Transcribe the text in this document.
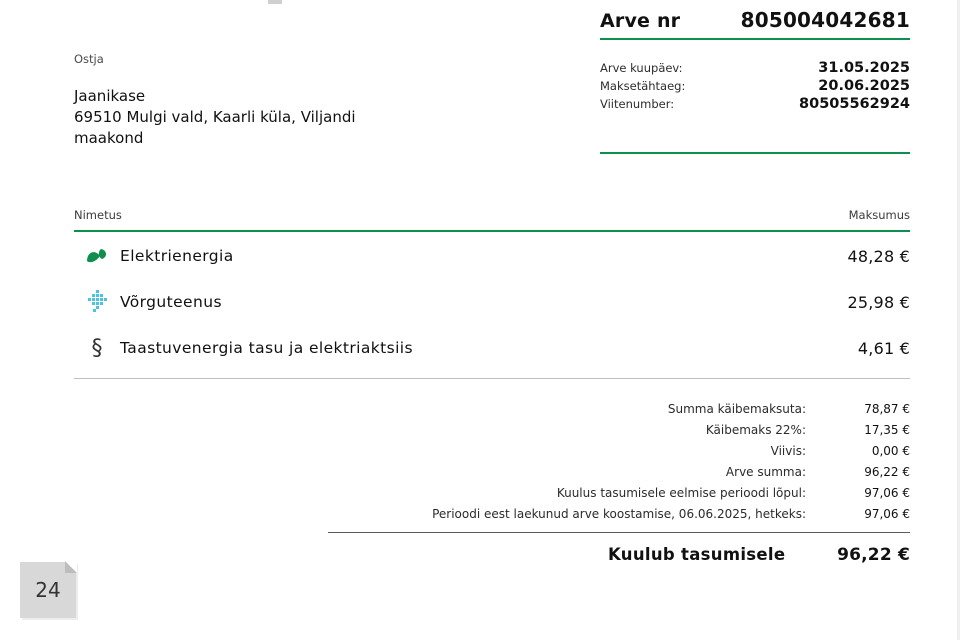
Arve nr	805004042681
Arve kuupäev:	31.05.2025
Maksetähtaeg:	20.06.2025
Viitenumber:	80505562924
Ostja
Jaanikase
69510 Mulgi vald, Kaarli küla, Viljandi maakond
Nimetus	Maksumus
Elektrienergia	48,28 €
Võrguteenus	25,98 €
§	Taastuvenergia tasu ja elektriaktsiis	4,61 €
Summa käibemaksuta:	78,87 €
Käibemaks 22%:	17,35 €
Viivis:	0,00 €
Arve summa:	96,22 €
Kuulus tasumisele eelmise perioodi lõpul:	97,06 €
Perioodi eest laekunud arve koostamise, 06.06.2025, hetkeks:	97,06 €
Kuulub tasumisele	96,22 €
24
